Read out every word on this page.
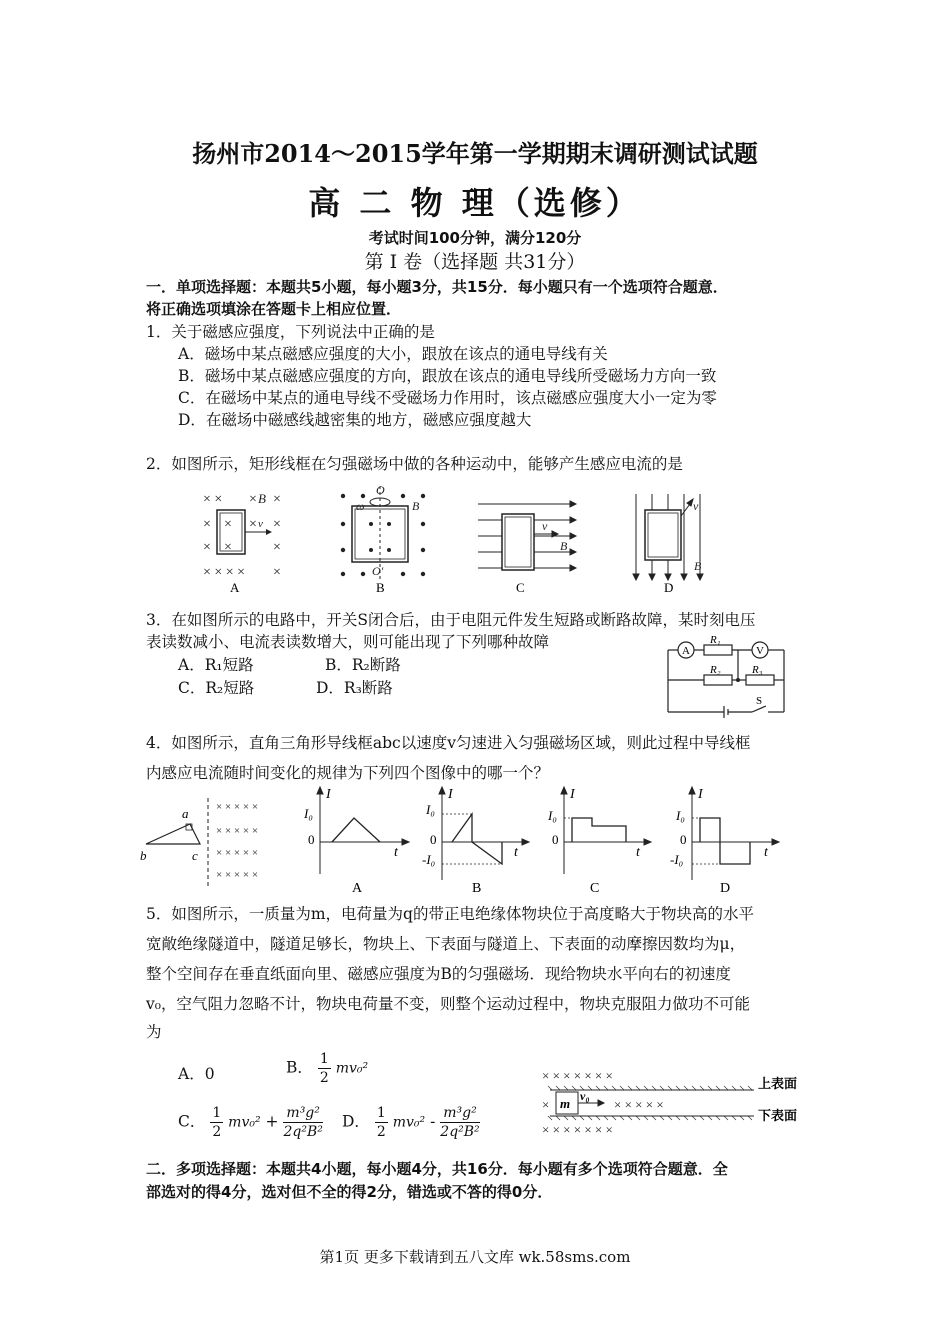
扬州市2014～2015学年第一学期期末调研测试试题
高 二 物 理（选修）
考试时间100分钟，满分120分
第 I 卷（选择题 共31分）
一．单项选择题：本题共5小题，每小题3分，共15分．每小题只有一个选项符合题意．
将正确选项填涂在答题卡上相应位置．
1．关于磁感应强度，下列说法中正确的是
A．磁场中某点磁感应强度的大小，跟放在该点的通电导线有关
B．磁场中某点磁感应强度的方向，跟放在该点的通电导线所受磁场力方向一致
C．在磁场中某点的通电导线不受磁场力作用时，该点磁感应强度大小一定为零
D．在磁场中磁感线越密集的地方，磁感应强度越大
2．如图所示，矩形线框在匀强磁场中做的各种运动中，能够产生感应电流的是
× × × ×
B
×	× ×
×	×
× × × × ×
×
×
v
A
O
O'
ω	B
B
v
B
C
v
B
D
3．在如图所示的电路中，开关S闭合后，由于电阻元件发生短路或断路故障，某时刻电压
表读数减小、电流表读数增大，则可能出现了下列哪种故障
A．R₁短路	B．R₂断路
C．R₂短路	D．R₃断路
A	V
R₁
R₂	R₃
S
4．如图所示，直角三角形导线框abc以速度v匀速进入匀强磁场区域，则此过程中导线框
内感应电流随时间变化的规律为下列四个图像中的哪一个？
a
b	c
× × × × ×
× × × × ×
× × × × ×
× × × × ×
I
I₀
0
t
A
I
I₀
0
-I₀	t
B
I
I₀
0
t
C
I
I₀
0
-I₀	t
D
5．如图所示，一质量为m，电荷量为q的带正电绝缘体物块位于高度略大于物块高的水平
宽敞绝缘隧道中，隧道足够长，物块上、下表面与隧道上、下表面的动摩擦因数均为μ，
整个空间存在垂直纸面向里、磁感应强度为B的匀强磁场．现给物块水平向右的初速度
v₀，空气阻力忽略不计，物块电荷量不变，则整个运动过程中，物块克服阻力做功不可能
为
A．0	B． $\frac{1}{2} mv_0^2$
C． $\frac{1}{2} mv_0^2 + \frac{\text{m³g²}}{\text{2q²B²}}$ D． $\frac{1}{2} mv_0^2 - \frac{\text{m³g²}}{\text{2q²B²}}$
× × × × × × ×
×	× × × × ×
× × × × × × ×
m v₀
上表面
下表面
二．多项选择题：本题共4小题，每小题4分，共16分．每小题有多个选项符合题意．全
部选对的得4分，选对但不全的得2分，错选或不答的得0分．
第1页 更多下载请到五八文库 wk.58sms.com
